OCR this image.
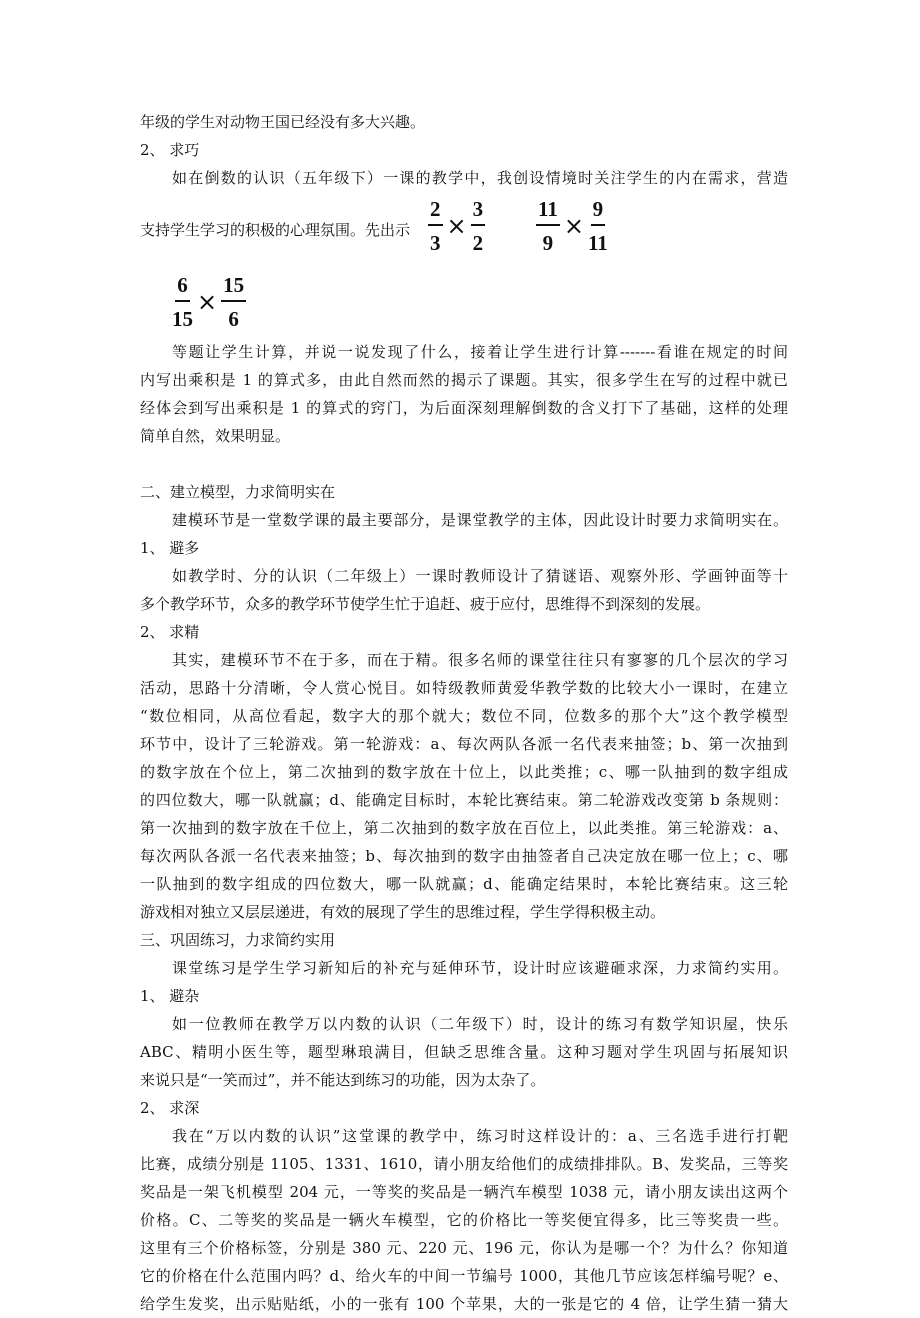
年级的学生对动物王国已经没有多大兴趣。

2、 求巧

如在倒数的认识（五年级下）一课的教学中，我创设情境时关注学生的内在需求，营造

支持学生学习的积极的心理氛围。先出示 $\frac{2}{3} \times \frac{3}{2} \frac{11}{9} \times \frac{9}{11}$
$\frac{6}{15} \times \frac{15}{6}$

等题让学生计算，并说一说发现了什么，接着让学生进行计算-------看谁在规定的时间

内写出乘积是 1 的算式多，由此自然而然的揭示了课题。其实，很多学生在写的过程中就已

经体会到写出乘积是 1 的算式的窍门，为后面深刻理解倒数的含义打下了基础，这样的处理

简单自然，效果明显。

二、建立模型，力求简明实在

建模环节是一堂数学课的最主要部分，是课堂教学的主体，因此设计时要力求简明实在。

1、 避多

如教学时、分的认识（二年级上）一课时教师设计了猜谜语、观察外形、学画钟面等十

多个教学环节，众多的教学环节使学生忙于追赶、疲于应付，思维得不到深刻的发展。

2、 求精

其实，建模环节不在于多，而在于精。很多名师的课堂往往只有寥寥的几个层次的学习

活动，思路十分清晰，令人赏心悦目。如特级教师黄爱华教学数的比较大小一课时，在建立

“数位相同，从高位看起，数字大的那个就大；数位不同，位数多的那个大”这个教学模型

环节中，设计了三轮游戏。第一轮游戏：a、每次两队各派一名代表来抽签；b、第一次抽到

的数字放在个位上，第二次抽到的数字放在十位上，以此类推；c、哪一队抽到的数字组成

的四位数大，哪一队就赢；d、能确定目标时，本轮比赛结束。第二轮游戏改变第 b 条规则：

第一次抽到的数字放在千位上，第二次抽到的数字放在百位上，以此类推。第三轮游戏：a、

每次两队各派一名代表来抽签；b、每次抽到的数字由抽签者自己决定放在哪一位上；c、哪

一队抽到的数字组成的四位数大，哪一队就赢；d、能确定结果时，本轮比赛结束。这三轮

游戏相对独立又层层递进，有效的展现了学生的思维过程，学生学得积极主动。

三、巩固练习，力求简约实用

课堂练习是学生学习新知后的补充与延伸环节，设计时应该避砸求深，力求简约实用。

1、 避杂

如一位教师在教学万以内数的认识（二年级下）时，设计的练习有数学知识屋，快乐

ABC、精明小医生等，题型琳琅满目，但缺乏思维含量。这种习题对学生巩固与拓展知识

来说只是“一笑而过”，并不能达到练习的功能，因为太杂了。

2、 求深

我在“万以内数的认识”这堂课的教学中，练习时这样设计的：a、三名选手进行打靶

比赛，成绩分别是 1105、1331、1610，请小朋友给他们的成绩排排队。B、发奖品，三等奖

奖品是一架飞机模型 204 元，一等奖的奖品是一辆汽车模型 1038 元，请小朋友读出这两个

价格。C、二等奖的奖品是一辆火车模型，它的价格比一等奖便宜得多，比三等奖贵一些。

这里有三个价格标签，分别是 380 元、220 元、196 元，你认为是哪一个？为什么？你知道

它的价格在什么范围内吗？d、给火车的中间一节编号 1000，其他几节应该怎样编号呢？e、

给学生发奖，出示贴贴纸，小的一张有 100 个苹果，大的一张是它的 4 倍，让学生猜一猜大
